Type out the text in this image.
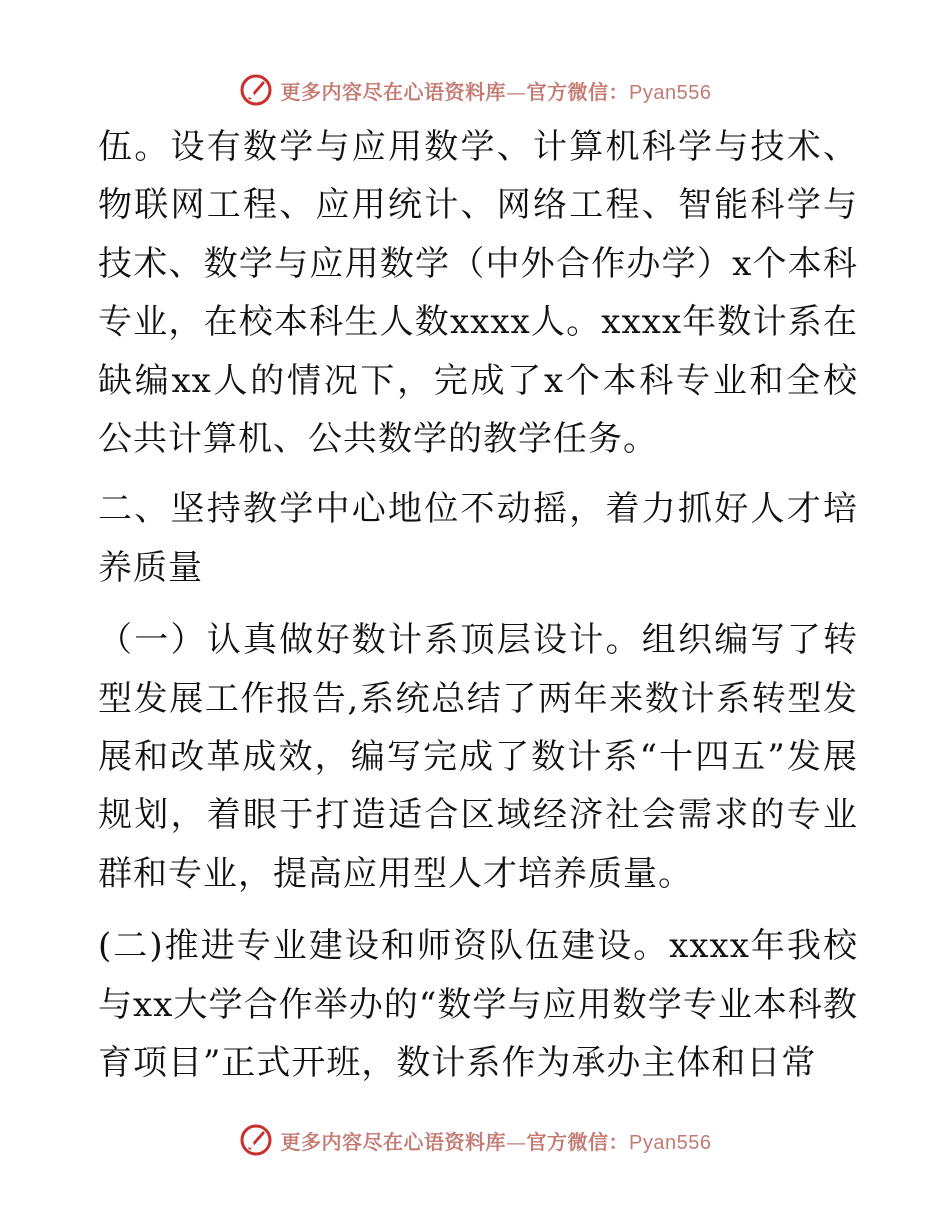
更多内容尽在心语资料库—官方微信：Pyan556

伍。设有数学与应用数学、计算机科学与技术、物联网工程、应用统计、网络工程、智能科学与技术、数学与应用数学（中外合作办学）x个本科专业，在校本科生人数xxxx人。xxxx年数计系在缺编xx人的情况下，完成了x个本科专业和全校公共计算机、公共数学的教学任务。

二、坚持教学中心地位不动摇，着力抓好人才培养质量

（一）认真做好数计系顶层设计。组织编写了转型发展工作报告,系统总结了两年来数计系转型发展和改革成效，编写完成了数计系“十四五”发展规划，着眼于打造适合区域经济社会需求的专业群和专业，提高应用型人才培养质量。

(二)推进专业建设和师资队伍建设。xxxx年我校与xx大学合作举办的“数学与应用数学专业本科教育项目”正式开班，数计系作为承办主体和日常

更多内容尽在心语资料库—官方微信：Pyan556
